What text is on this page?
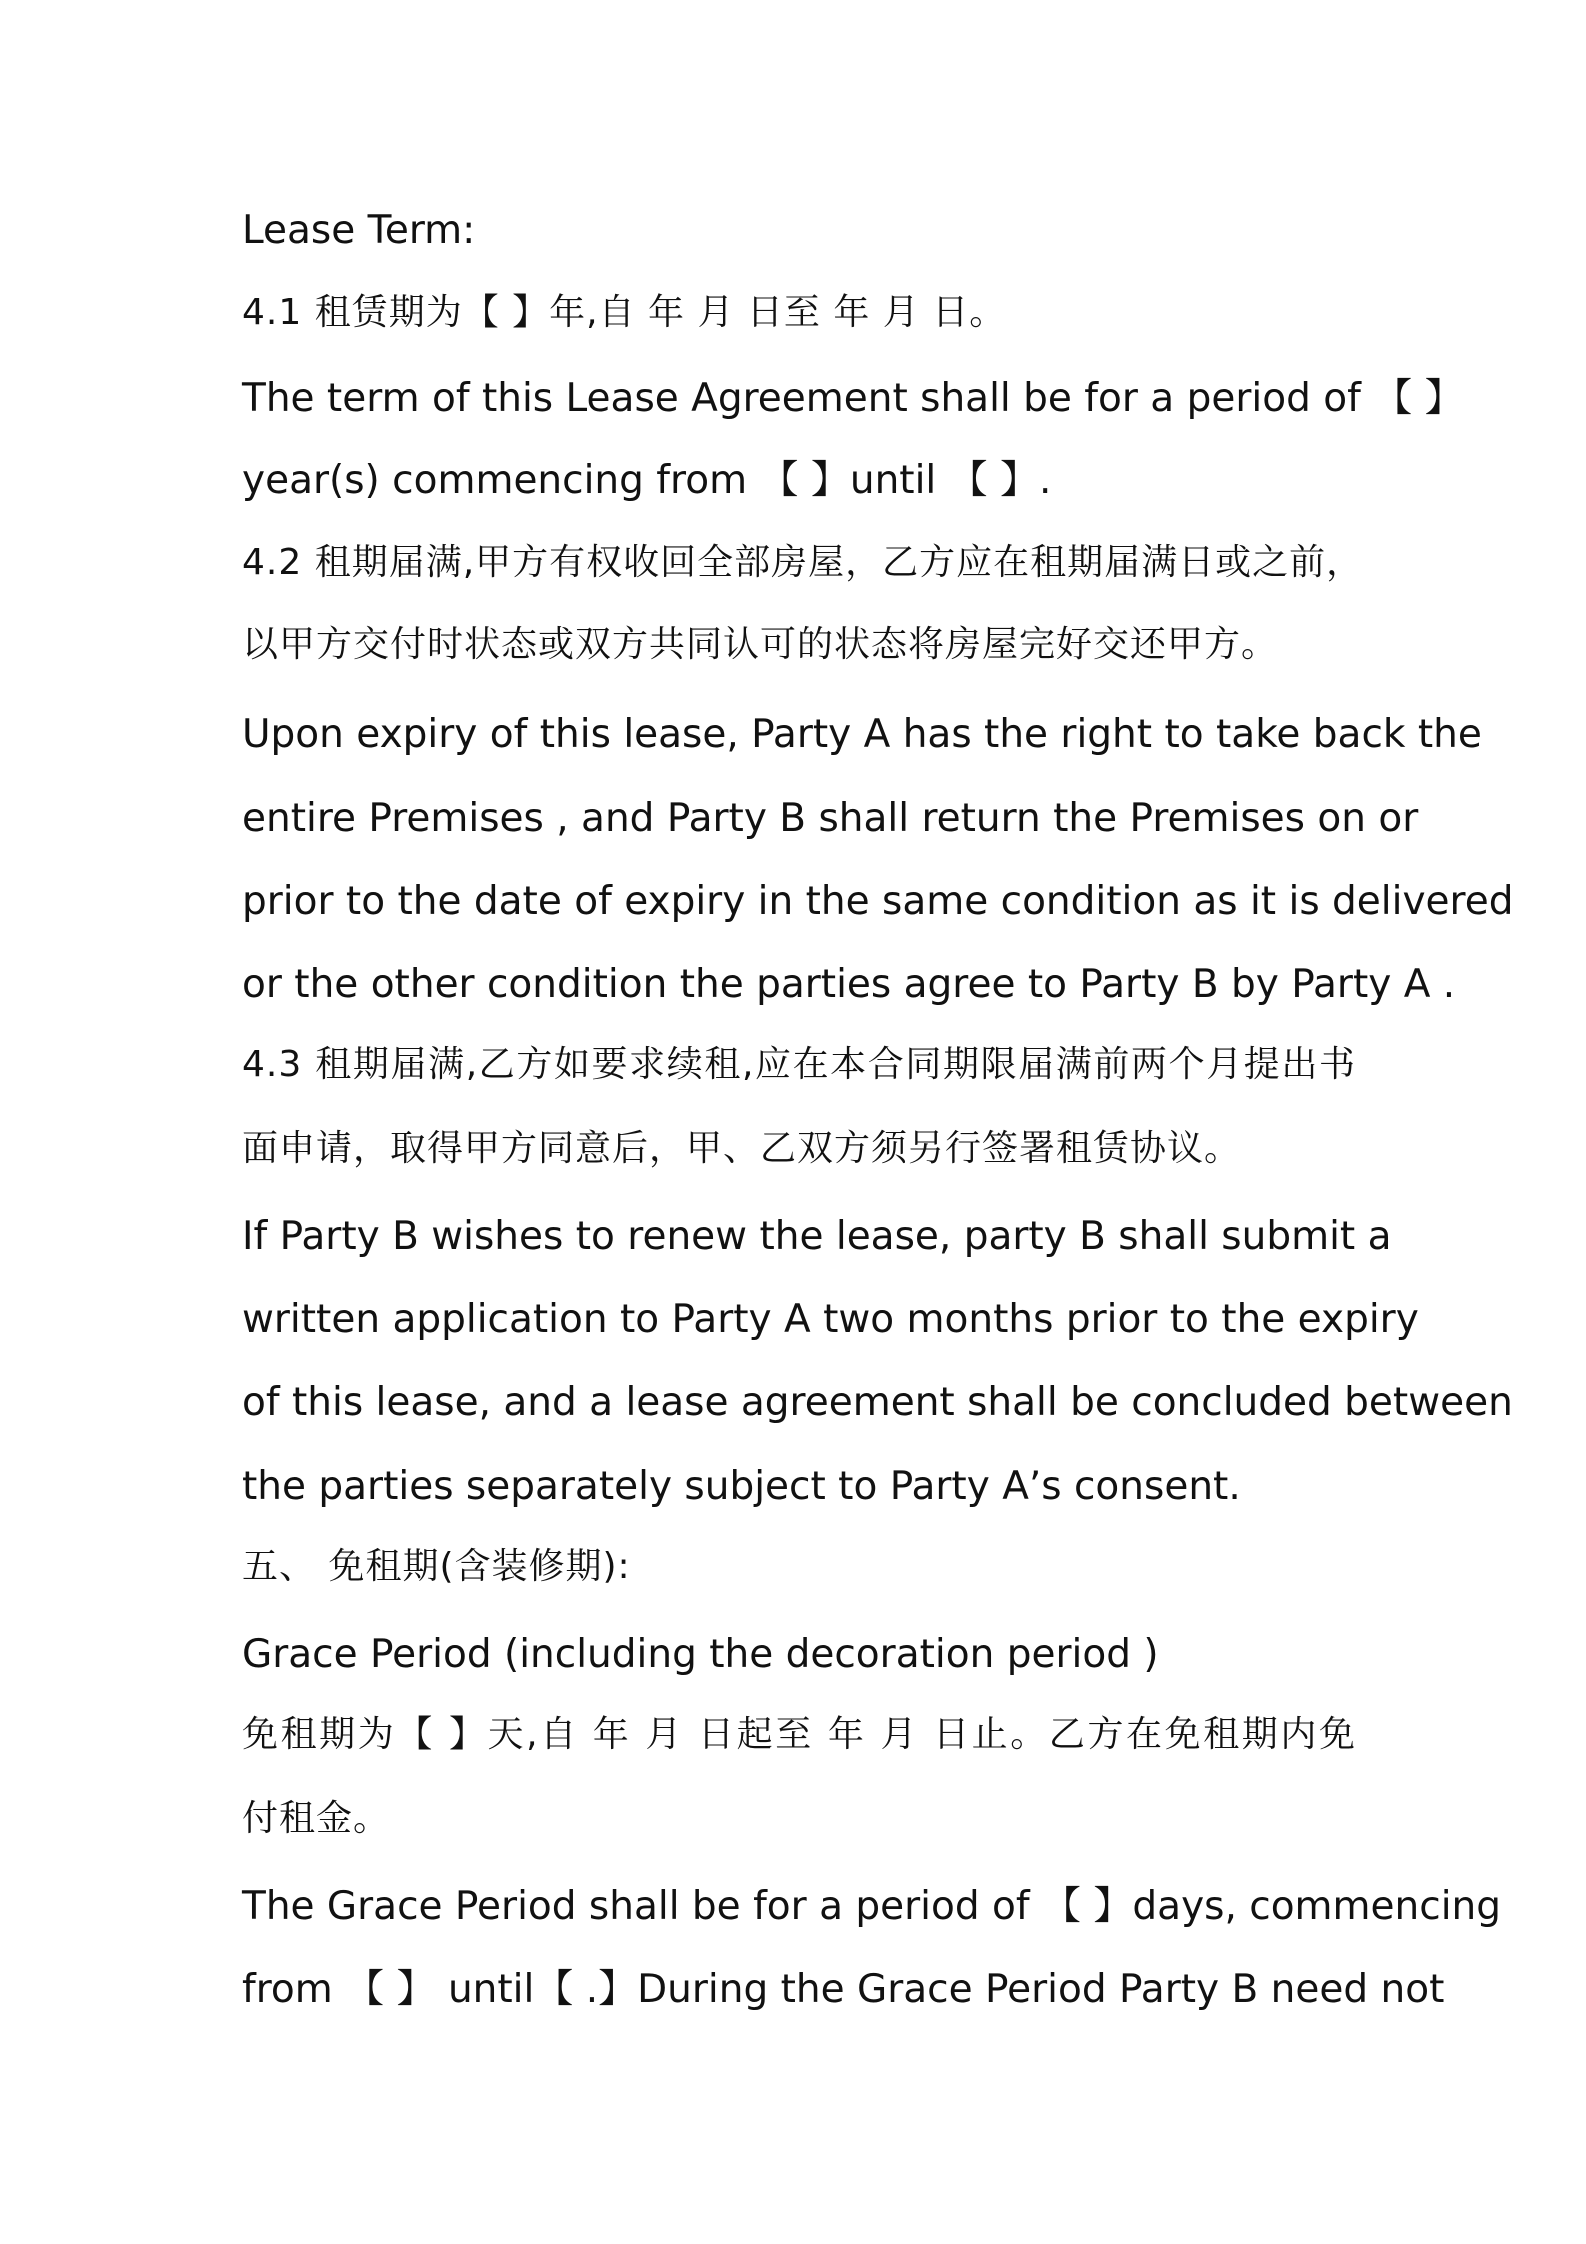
Lease Term:

4.1 租赁期为【 】年,自 年 月 日至 年 月 日。

The term of this Lease Agreement shall be for a period of 【 】

year(s) commencing from 【 】until 【 】.

4.2 租期届满,甲方有权收回全部房屋，乙方应在租期届满日或之前，

以甲方交付时状态或双方共同认可的状态将房屋完好交还甲方。

Upon expiry of this lease, Party A has the right to take back the

entire Premises , and Party B shall return the Premises on or

prior to the date of expiry in the same condition as it is delivered

or the other condition the parties agree to Party B by Party A .

4.3 租期届满,乙方如要求续租,应在本合同期限届满前两个月提出书

面申请，取得甲方同意后，甲、乙双方须另行签署租赁协议。

If Party B wishes to renew the lease, party B shall submit a

written application to Party A two months prior to the expiry

of this lease, and a lease agreement shall be concluded between

the parties separately subject to Party A’s consent.

五、 免租期(含装修期):

Grace Period (including the decoration period )

免租期为【 】天,自 年 月 日起至 年 月 日止。乙方在免租期内免

付租金。

The Grace Period shall be for a period of 【 】days, commencing

from 【 】 until【 .】During the Grace Period Party B need not
